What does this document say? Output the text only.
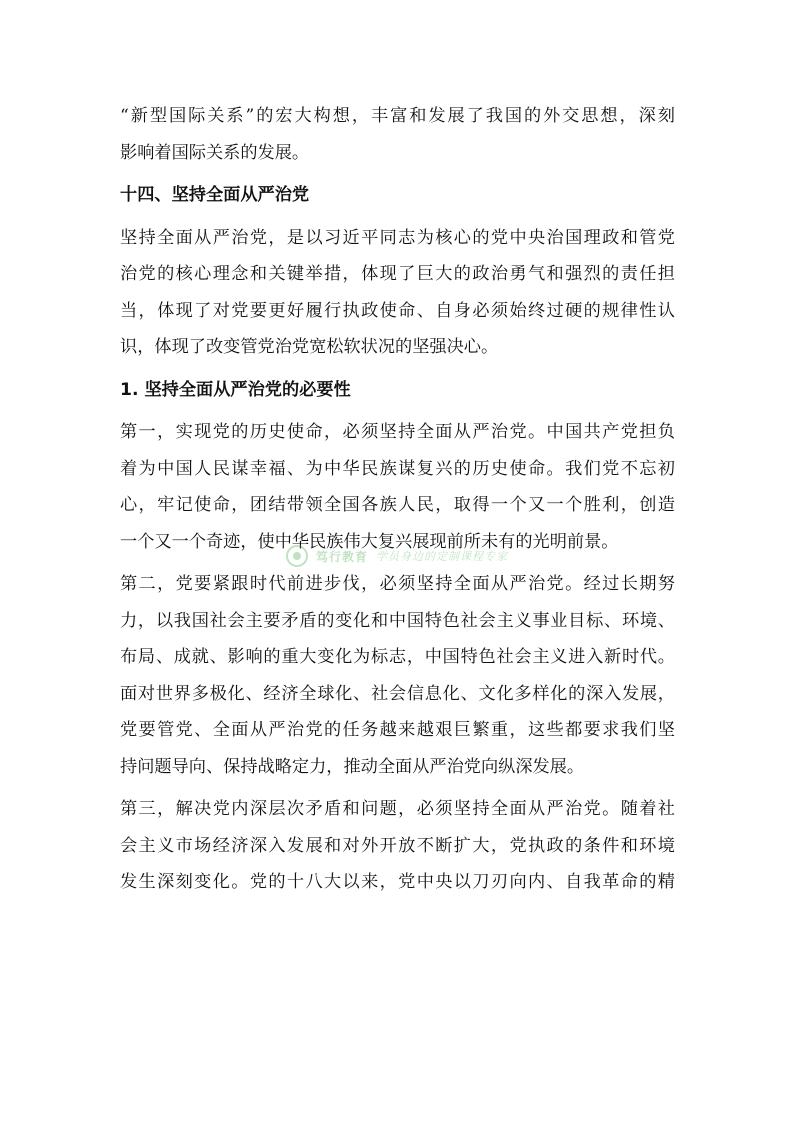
“新型国际关系”的宏大构想，丰富和发展了我国的外交思想，深刻
影响着国际关系的发展。
十四、坚持全面从严治党
坚持全面从严治党，是以习近平同志为核心的党中央治国理政和管党
治党的核心理念和关键举措，体现了巨大的政治勇气和强烈的责任担
当，体现了对党要更好履行执政使命、自身必须始终过硬的规律性认
识，体现了改变管党治党宽松软状况的坚强决心。
1. 坚持全面从严治党的必要性
第一，实现党的历史使命，必须坚持全面从严治党。中国共产党担负
着为中国人民谋幸福、为中华民族谋复兴的历史使命。我们党不忘初
心，牢记使命，团结带领全国各族人民，取得一个又一个胜利，创造
一个又一个奇迹，使中华民族伟大复兴展现前所未有的光明前景。
第二，党要紧跟时代前进步伐，必须坚持全面从严治党。经过长期努
力，以我国社会主要矛盾的变化和中国特色社会主义事业目标、环境、
布局、成就、影响的重大变化为标志，中国特色社会主义进入新时代。
面对世界多极化、经济全球化、社会信息化、文化多样化的深入发展，
党要管党、全面从严治党的任务越来越艰巨繁重，这些都要求我们坚
持问题导向、保持战略定力，推动全面从严治党向纵深发展。
第三，解决党内深层次矛盾和问题，必须坚持全面从严治党。随着社
会主义市场经济深入发展和对外开放不断扩大，党执政的条件和环境
发生深刻变化。党的十八大以来，党中央以刀刃向内、自我革命的精
笃行教育 学员身边的定制课程专家
